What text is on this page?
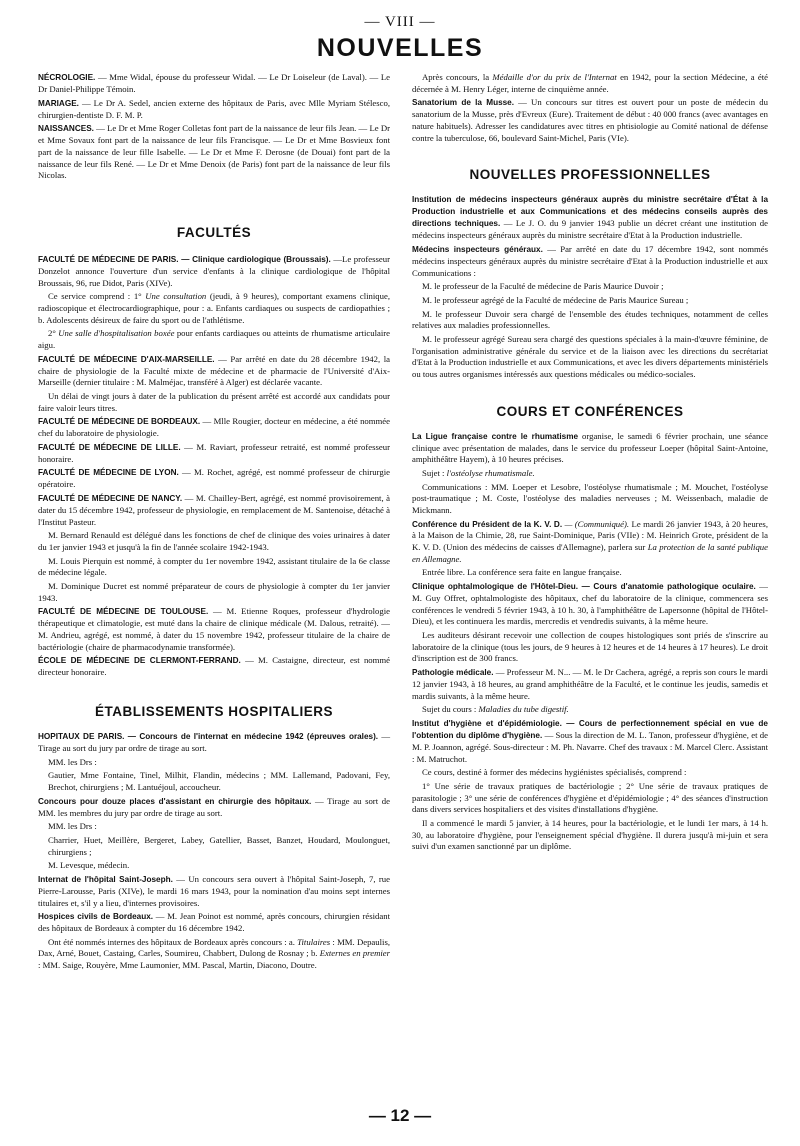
— VIII —
NOUVELLES

NÉCROLOGIE. — Mme Widal, épouse du professeur Widal. — Le Dr Loiseleur (de Laval). — Le Dr Daniel-Philippe Témoin.

MARIAGE. — Le Dr A. Sedel, ancien externe des hôpitaux de Paris, avec Mlle Myriam Stélesco, chirurgien-dentiste D. F. M. P.

NAISSANCES. — Le Dr et Mme Roger Colletas font part de la naissance de leur fils Jean. — Le Dr et Mme Sovaux font part de la naissance de leur fils Francisque. — Le Dr et Mme Bosvieux font part de la naissance de leur fille Isabelle. — Le Dr et Mme F. Derosne (de Douai) font part de la naissance de leur fils René. — Le Dr et Mme Denoix (de Paris) font part de la naissance de leur fils Nicolas.

FACULTÉS

FACULTÉ DE MÉDECINE DE PARIS. — Clinique cardiologique (Broussais). —Le professeur Donzelot annonce l'ouverture d'un service d'enfants à la clinique cardiologique de l'hôpital Broussais, 96, rue Didot, Paris (XIVe).

Ce service comprend : 1° Une consultation (jeudi, à 9 heures), comportant examens clinique, radioscopique et électrocardiographique, pour : a. Enfants cardiaques ou suspects de cardiopathies ; b. Adolescents désireux de faire du sport ou de l'athlétisme.

2° Une salle d'hospitalisation boxée pour enfants cardiaques ou atteints de rhumatisme articulaire aigu.

FACULTÉ DE MÉDECINE D'AIX-MARSEILLE. — Par arrêté en date du 28 décembre 1942, la chaire de physiologie de la Faculté mixte de médecine et de pharmacie de l'Université d'Aix-Marseille (dernier titulaire : M. Malméjac, transféré à Alger) est déclarée vacante.

Un délai de vingt jours à dater de la publication du présent arrêté est accordé aux candidats pour faire valoir leurs titres.

FACULTÉ DE MÉDECINE DE BORDEAUX. — Mlle Rougier, docteur en médecine, a été nommée chef du laboratoire de physiologie.

FACULTÉ DE MÉDECINE DE LILLE. — M. Raviart, professeur retraité, est nommé professeur honoraire.

FACULTÉ DE MÉDECINE DE LYON. — M. Rochet, agrégé, est nommé professeur de chirurgie opératoire.

FACULTÉ DE MÉDECINE DE NANCY. — M. Chailley-Bert, agrégé, est nommé provisoirement, à dater du 15 décembre 1942, professeur de physiologie, en remplacement de M. Santenoise, détaché à l'Institut Pasteur.

M. Bernard Renauld est délégué dans les fonctions de chef de clinique des voies urinaires à dater du 1er janvier 1943 et jusqu'à la fin de l'année scolaire 1942-1943.

M. Louis Pierquin est nommé, à compter du 1er novembre 1942, assistant titulaire de la 6e classe de médecine légale.

M. Dominique Ducret est nommé préparateur de cours de physiologie à compter du 1er janvier 1943.

FACULTÉ DE MÉDECINE DE TOULOUSE. — M. Etienne Roques, professeur d'hydrologie thérapeutique et climatologie, est muté dans la chaire de clinique médicale (M. Dalous, retraité). — M. Andrieu, agrégé, est nommé, à dater du 15 novembre 1942, professeur titulaire de la chaire de bactériologie (chaire de pharmacodynamie transformée).

ÉCOLE DE MÉDECINE DE CLERMONT-FERRAND. — M. Castaigne, directeur, est nommé directeur honoraire.

ÉTABLISSEMENTS HOSPITALIERS

HOPITAUX DE PARIS. — Concours de l'internat en médecine 1942 (épreuves orales). — Tirage au sort du jury par ordre de tirage au sort.

MM. les Drs :

Gautier, Mme Fontaine, Tinel, Milhit, Flandin, médecins ; MM. Lallemand, Padovani, Fey, Brechot, chirurgiens ; M. Lantuéjoul, accoucheur.

Concours pour douze places d'assistant en chirurgie des hôpitaux. — Tirage au sort de MM. les membres du jury par ordre de tirage au sort.

MM. les Drs :

Charrier, Huet, Meillère, Bergeret, Labey, Gatellier, Basset, Banzet, Houdard, Moulonguet, chirurgiens ;

M. Levesque, médecin.

Internat de l'hôpital Saint-Joseph. — Un concours sera ouvert à l'hôpital Saint-Joseph, 7, rue Pierre-Larousse, Paris (XIVe), le mardi 16 mars 1943, pour la nomination d'au moins sept internes titulaires et, s'il y a lieu, d'internes provisoires.

Hospices civils de Bordeaux. — M. Jean Poinot est nommé, après concours, chirurgien résidant des hôpitaux de Bordeaux à compter du 16 décembre 1942.

Ont été nommés internes des hôpitaux de Bordeaux après concours : a. Titulaires : MM. Depaulis, Dax, Arné, Bouet, Castaing, Carles, Soumireu, Chabbert, Dulong de Rosnay ; b. Externes en premier : MM. Saige, Rouyère, Mme Laumonier, MM. Pascal, Martin, Diacono, Doutre.

Après concours, la Médaille d'or du prix de l'Internat en 1942, pour la section Médecine, a été décernée à M. Henry Léger, interne de cinquième année.

Sanatorium de la Musse. — Un concours sur titres est ouvert pour un poste de médecin du sanatorium de la Musse, près d'Evreux (Eure). Traitement de début : 40 000 francs (avec avantages en nature habituels). Adresser les candidatures avec titres en phtisiologie au Comité national de défense contre la tuberculose, 66, boulevard Saint-Michel, Paris (VIe).

NOUVELLES PROFESSIONNELLES

Institution de médecins inspecteurs généraux auprès du ministre secrétaire d'État à la Production industrielle et aux Communications et des médecins conseils auprès des directions techniques. — Le J. O. du 9 janvier 1943 publie un décret créant une institution de médecins inspecteurs généraux auprès du ministre secrétaire d'Etat à la Production industrielle.

Médecins inspecteurs généraux. — Par arrêté en date du 17 décembre 1942, sont nommés médecins inspecteurs généraux auprès du ministre secrétaire d'Etat à la Production industrielle et aux Communications :

M. le professeur de la Faculté de médecine de Paris Maurice Duvoir ;

M. le professeur agrégé de la Faculté de médecine de Paris Maurice Sureau ;

M. le professeur Duvoir sera chargé de l'ensemble des études techniques, notamment de celles relatives aux maladies professionnelles.

M. le professeur agrégé Sureau sera chargé des questions spéciales à la main-d'œuvre féminine, de l'organisation administrative générale du service et de la liaison avec les directions du secrétariat d'Etat à la Production industrielle et aux Communications, et avec les divers départements ministériels ou tous autres organismes intéressés aux questions médicales ou médico-sociales.

COURS ET CONFÉRENCES

La Ligue française contre le rhumatisme organise, le samedi 6 février prochain, une séance clinique avec présentation de malades, dans le service du professeur Loeper (hôpital Saint-Antoine, amphithéâtre Hayem), à 10 heures précises.

Sujet : l'ostéolyse rhumatismale.

Communications : MM. Loeper et Lesobre, l'ostéolyse rhumatismale ; M. Mouchet, l'ostéolyse post-traumatique ; M. Coste, l'ostéolyse des maladies nerveuses ; M. Weissenbach, maladie de Mickmann.

Conférence du Président de la K. V. D. — (Communiqué). Le mardi 26 janvier 1943, à 20 heures, à la Maison de la Chimie, 28, rue Saint-Dominique, Paris (VIIe) : M. Heinrich Grote, président de la K. V. D. (Union des médecins de caisses d'Allemagne), parlera sur La protection de la santé publique en Allemagne.

Entrée libre. La conférence sera faite en langue française.

Clinique ophtalmologique de l'Hôtel-Dieu. — Cours d'anatomie pathologique oculaire. — M. Guy Offret, ophtalmologiste des hôpitaux, chef du laboratoire de la clinique, commencera ses conférences le vendredi 5 février 1943, à 10 h. 30, à l'amphithéâtre de Lapersonne (hôpital de l'Hôtel-Dieu), et les continuera les mardis, mercredis et vendredis suivants, à la même heure.

Les auditeurs désirant recevoir une collection de coupes histologiques sont priés de s'inscrire au laboratoire de la clinique (tous les jours, de 9 heures à 12 heures et de 14 heures à 17 heures). Le droit d'inscription est de 300 francs.

Pathologie médicale. — Professeur M. N... — M. le Dr Cachera, agrégé, a repris son cours le mardi 12 janvier 1943, à 18 heures, au grand amphithéâtre de la Faculté, et le continue les jeudis, samedis et mardis suivants, à la même heure.

Sujet du cours : Maladies du tube digestif.

Institut d'hygiène et d'épidémiologie. — Cours de perfectionnement spécial en vue de l'obtention du diplôme d'hygiène. — Sous la direction de M. L. Tanon, professeur d'hygiène, et de M. P. Joannon, agrégé. Sous-directeur : M. Ph. Navarre. Chef des travaux : M. Marcel Clerc. Assistant : M. Matruchot.

Ce cours, destiné à former des médecins hygiénistes spécialisés, comprend :

1° Une série de travaux pratiques de bactériologie ; 2° Une série de travaux pratiques de parasitologie ; 3° une série de conférences d'hygiène et d'épidémiologie ; 4° des séances d'instruction dans divers services hospitaliers et des visites d'installations d'hygiène.

Il a commencé le mardi 5 janvier, à 14 heures, pour la bactériologie, et le lundi 1er mars, à 14 h. 30, au laboratoire d'hygiène, pour l'enseignement spécial d'hygiène. Il durera jusqu'à mi-juin et sera suivi d'un examen sanctionné par un diplôme.

— 12 —
